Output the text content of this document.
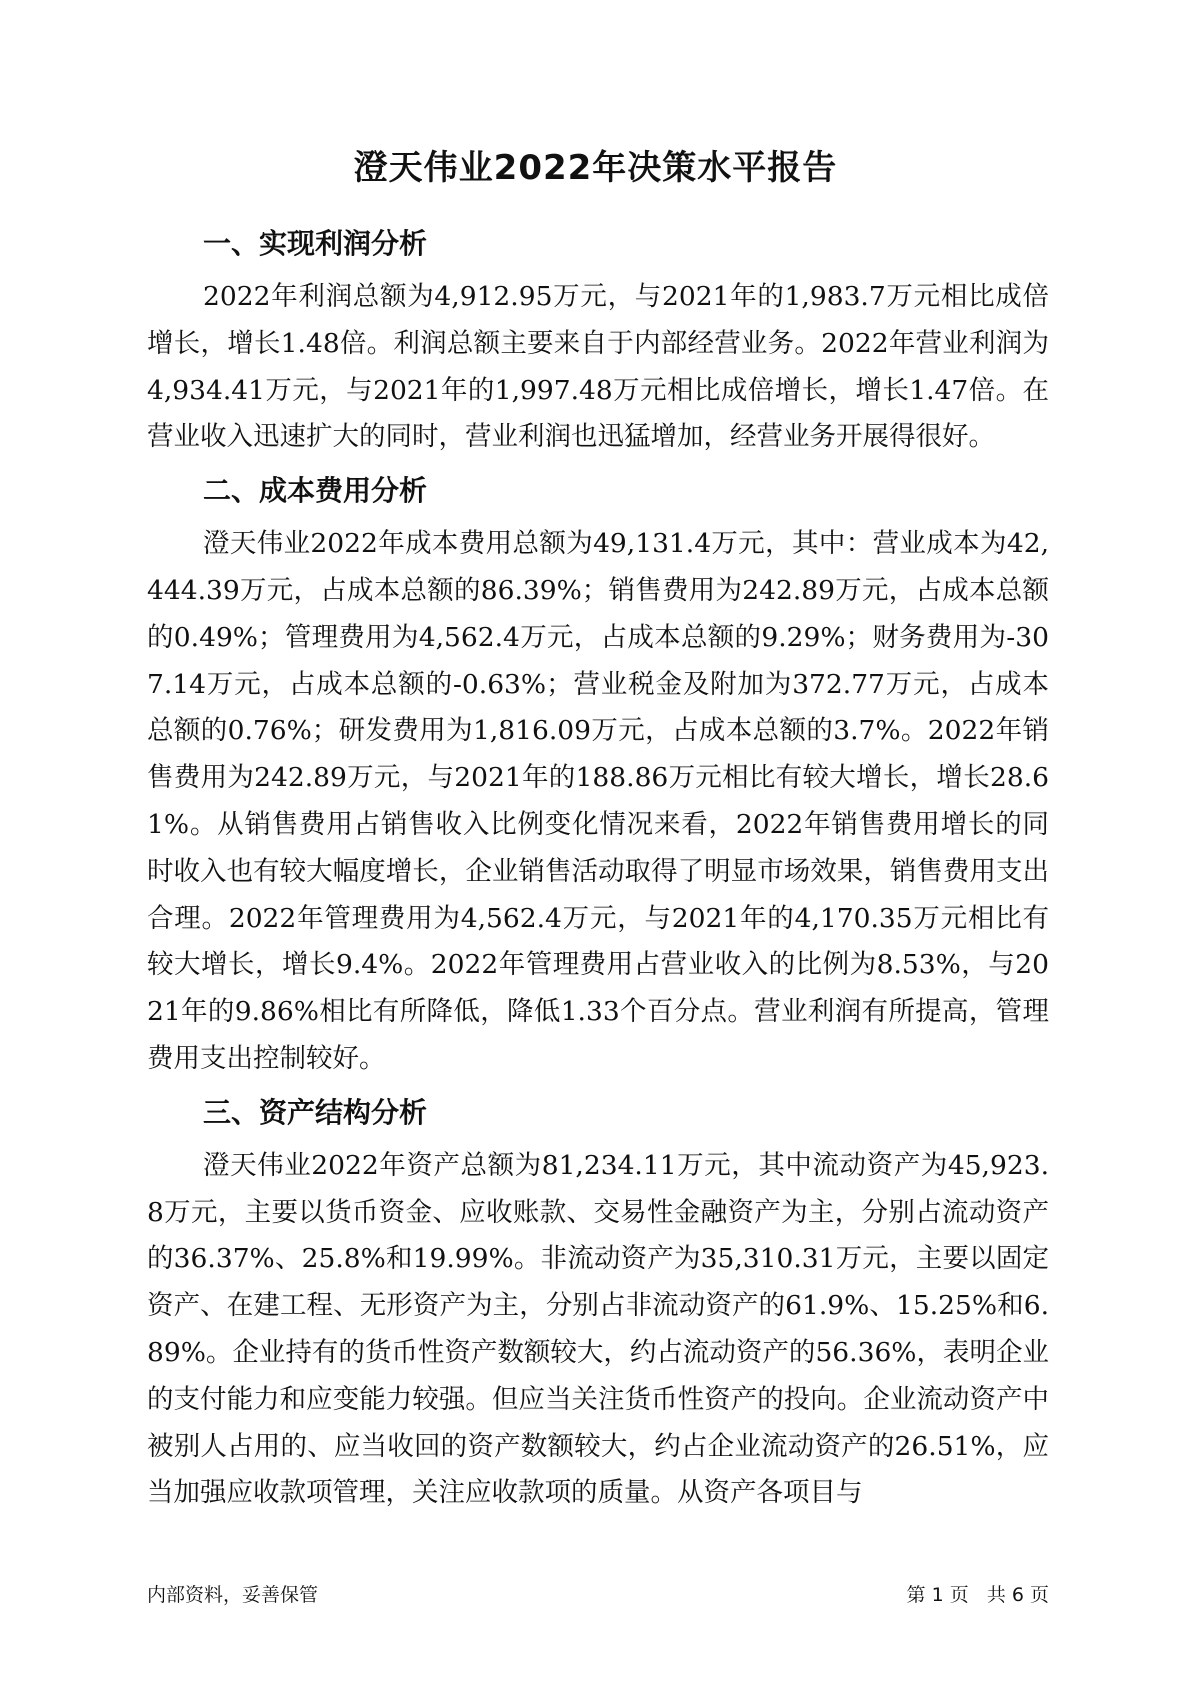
澄天伟业2022年决策水平报告
一、实现利润分析

2022年利润总额为4,912.95万元，与2021年的1,983.7万元相比成倍增长，增长1.48倍。利润总额主要来自于内部经营业务。2022年营业利润为4,934.41万元，与2021年的1,997.48万元相比成倍增长，增长1.47倍。在营业收入迅速扩大的同时，营业利润也迅猛增加，经营业务开展得很好。

二、成本费用分析

澄天伟业2022年成本费用总额为49,131.4万元，其中：营业成本为42,444.39万元，占成本总额的86.39%；销售费用为242.89万元，占成本总额的0.49%；管理费用为4,562.4万元，占成本总额的9.29%；财务费用为-307.14万元，占成本总额的-0.63%；营业税金及附加为372.77万元，占成本总额的0.76%；研发费用为1,816.09万元，占成本总额的3.7%。2022年销售费用为242.89万元，与2021年的188.86万元相比有较大增长，增长28.61%。从销售费用占销售收入比例变化情况来看，2022年销售费用增长的同时收入也有较大幅度增长，企业销售活动取得了明显市场效果，销售费用支出合理。2022年管理费用为4,562.4万元，与2021年的4,170.35万元相比有较大增长，增长9.4%。2022年管理费用占营业收入的比例为8.53%，与2021年的9.86%相比有所降低，降低1.33个百分点。营业利润有所提高，管理费用支出控制较好。

三、资产结构分析

澄天伟业2022年资产总额为81,234.11万元，其中流动资产为45,923.8万元，主要以货币资金、应收账款、交易性金融资产为主，分别占流动资产的36.37%、25.8%和19.99%。非流动资产为35,310.31万元，主要以固定资产、在建工程、无形资产为主，分别占非流动资产的61.9%、15.25%和6.89%。企业持有的货币性资产数额较大，约占流动资产的56.36%，表明企业的支付能力和应变能力较强。但应当关注货币性资产的投向。企业流动资产中被别人占用的、应当收回的资产数额较大，约占企业流动资产的26.51%，应当加强应收款项管理，关注应收款项的质量。从资产各项目与

内部资料，妥善保管	第 1 页   共 6 页
